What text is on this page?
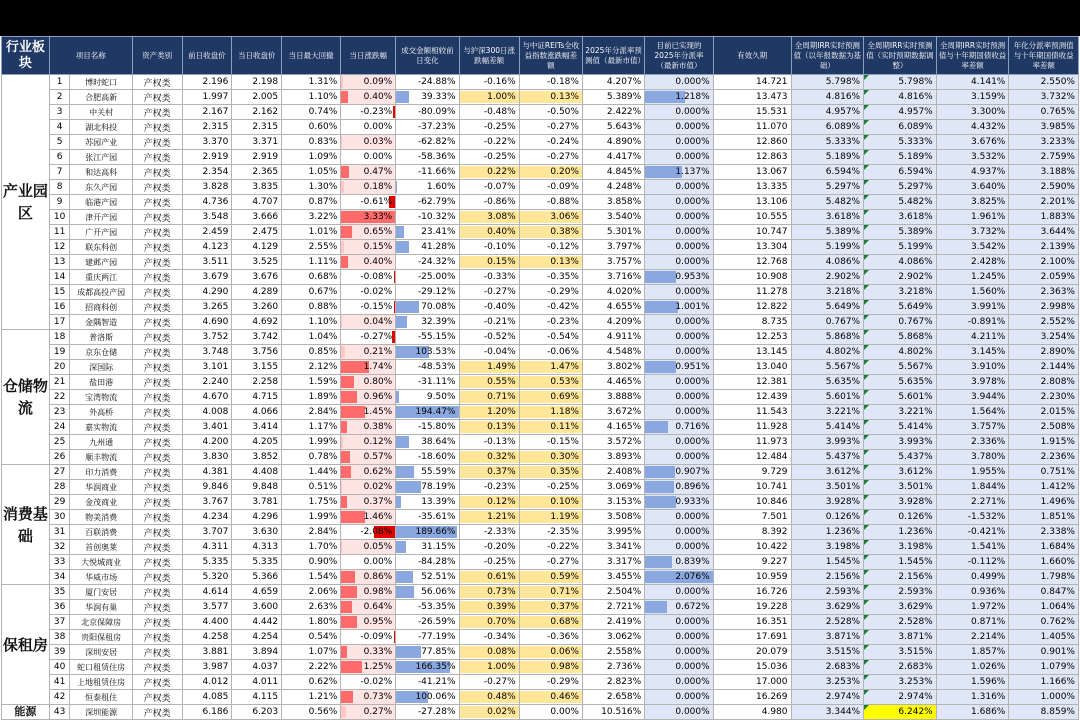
行业板块	项目名称		资产类别	前日收盘价	当日收盘价	当日最大回撤	当日涨跌幅	成交金额相较前日变化	与沪深300日涨跌幅差额	与中证REITs全收益指数涨跌幅差额	2025年分派率预测值（最新市值）	目前已实现的2025年分派率（最新市值）	有效久期	全周期IRR实时预测值（以年报数据为基础）	全周期IRR实时预测值（实时预期数据调整）	全周期IRR实时预测值与十年期国债收益率差额	年化分派率预测值与十年期国债收益率差额
产业园区	1	博时蛇口	产权类	2.196	2.198	1.31%	0.09%	-24.88%	-0.16%	-0.18%	4.207%	0.000%	14.721	5.798%	5.798%	4.141%	2.550%
	2	合肥高新	产权类	1.997	2.005	1.10%	0.40%	39.33%	1.00%	0.13%	5.389%	1.218%	13.473	4.816%	4.816%	3.159%	3.732%
	3	中关村	产权类	2.167	2.162	0.74%	-0.23%	-80.09%	-0.48%	-0.50%	2.422%	0.000%	15.531	4.957%	4.957%	3.300%	0.765%
	4	湖北科投	产权类	2.315	2.315	0.60%	0.00%	-37.23%	-0.25%	-0.27%	5.643%	0.000%	11.070	6.089%	6.089%	4.432%	3.985%
	5	苏园产业	产权类	3.370	3.371	0.83%	0.03%	-62.82%	-0.22%	-0.24%	4.890%	0.000%	12.860	5.333%	5.333%	3.676%	3.233%
	6	张江产园	产权类	2.919	2.919	1.09%	0.00%	-58.36%	-0.25%	-0.27%	4.417%	0.000%	12.863	5.189%	5.189%	3.532%	2.759%
	7	和达高科	产权类	2.354	2.365	1.05%	0.47%	-11.66%	0.22%	0.20%	4.845%	1.137%	13.067	6.594%	6.594%	4.937%	3.188%
	8	东久产园	产权类	3.828	3.835	1.30%	0.18%	1.60%	-0.07%	-0.09%	4.248%	0.000%	13.335	5.297%	5.297%	3.640%	2.590%
	9	临港产园	产权类	4.736	4.707	0.87%	-0.61%	-62.79%	-0.86%	-0.88%	3.858%	0.000%	13.106	5.482%	5.482%	3.825%	2.201%
	10	津开产园	产权类	3.548	3.666	3.22%	3.33%	-10.32%	3.08%	3.06%	3.540%	0.000%	10.555	3.618%	3.618%	1.961%	1.883%
	11	广开产园	产权类	2.459	2.475	1.01%	0.65%	23.41%	0.40%	0.38%	5.301%	0.000%	10.747	5.389%	5.389%	3.732%	3.644%
	12	联东科创	产权类	4.123	4.129	2.55%	0.15%	41.28%	-0.10%	-0.12%	3.797%	0.000%	13.304	5.199%	5.199%	3.542%	2.139%
	13	建邺产园	产权类	3.511	3.525	1.11%	0.40%	-24.32%	0.15%	0.13%	3.757%	0.000%	12.768	4.086%	4.086%	2.428%	2.100%
	14	重庆两江	产权类	3.679	3.676	0.68%	-0.08%	-25.00%	-0.33%	-0.35%	3.716%	0.953%	10.908	2.902%	2.902%	1.245%	2.059%
	15	成都高投产园	产权类	4.290	4.289	0.67%	-0.02%	-29.12%	-0.27%	-0.29%	4.020%	0.000%	11.278	3.218%	3.218%	1.560%	2.363%
	16	招商科创	产权类	3.265	3.260	0.88%	-0.15%	70.08%	-0.40%	-0.42%	4.655%	1.001%	12.822	5.649%	5.649%	3.991%	2.998%
	17	金隅智造	产权类	4.690	4.692	1.10%	0.04%	32.39%	-0.21%	-0.23%	4.209%	0.000%	8.735	0.767%	0.767%	-0.891%	2.552%
仓储物流	18	普洛斯	产权类	3.752	3.742	1.04%	-0.27%	-55.15%	-0.52%	-0.54%	4.911%	0.000%	12.253	5.868%	5.868%	4.211%	3.254%
	19	京东仓储	产权类	3.748	3.756	0.85%	0.21%	103.53%	-0.04%	-0.06%	4.548%	0.000%	13.145	4.802%	4.802%	3.145%	2.890%
	20	深国际	产权类	3.101	3.155	2.12%	1.74%	-48.53%	1.49%	1.47%	3.802%	0.951%	13.040	5.567%	5.567%	3.910%	2.144%
	21	盐田港	产权类	2.240	2.258	1.59%	0.80%	-31.11%	0.55%	0.53%	4.465%	0.000%	12.381	5.635%	5.635%	3.978%	2.808%
	22	宝湾物流	产权类	4.670	4.715	1.89%	0.96%	9.50%	0.71%	0.69%	3.888%	0.000%	12.439	5.601%	5.601%	3.944%	2.230%
	23	外高桥	产权类	4.008	4.066	2.84%	1.45%	194.47%	1.20%	1.18%	3.672%	0.000%	11.543	3.221%	3.221%	1.564%	2.015%
	24	嘉实物流	产权类	3.401	3.414	1.17%	0.38%	-15.80%	0.13%	0.11%	4.165%	0.716%	11.928	5.414%	5.414%	3.757%	2.508%
	25	九州通	产权类	4.200	4.205	1.99%	0.12%	38.64%	-0.13%	-0.15%	3.572%	0.000%	11.973	3.993%	3.993%	2.336%	1.915%
	26	顺丰物流	产权类	3.830	3.852	0.78%	0.57%	-18.60%	0.32%	0.30%	3.893%	0.000%	12.484	5.437%	5.437%	3.780%	2.236%
消费基础	27	印力消费	产权类	4.381	4.408	1.44%	0.62%	55.59%	0.37%	0.35%	2.408%	0.907%	9.729	3.612%	3.612%	1.955%	0.751%
	28	华润商业	产权类	9.846	9.848	0.51%	0.02%	78.19%	-0.23%	-0.25%	3.069%	0.896%	10.741	3.501%	3.501%	1.844%	1.412%
	29	金茂商业	产权类	3.767	3.781	1.75%	0.37%	13.39%	0.12%	0.10%	3.153%	0.933%	10.846	3.928%	3.928%	2.271%	1.496%
	30	物美消费	产权类	4.234	4.296	1.99%	1.46%	-35.61%	1.21%	1.19%	3.508%	0.000%	7.501	0.126%	0.126%	-1.532%	1.851%
	31	百联消费	产权类	3.707	3.630	2.84%	-2.08%	189.66%	-2.33%	-2.35%	3.995%	0.000%	8.392	1.236%	1.236%	-0.421%	2.338%
	32	首创奥莱	产权类	4.311	4.313	1.70%	0.05%	31.15%	-0.20%	-0.22%	3.341%	0.000%	10.422	3.198%	3.198%	1.541%	1.684%
	33	大悦城商业	产权类	5.335	5.335	0.90%	0.00%	-84.28%	-0.25%	-0.27%	3.317%	0.839%	9.227	1.545%	1.545%	-0.112%	1.660%
	34	华威市场	产权类	5.320	5.366	1.54%	0.86%	52.51%	0.61%	0.59%	3.455%	2.076%	10.959	2.156%	2.156%	0.499%	1.798%
保租房	35	厦门安居	产权类	4.614	4.659	2.06%	0.98%	56.06%	0.73%	0.71%	2.504%	0.000%	16.726	2.593%	2.593%	0.936%	0.847%
	36	华润有巢	产权类	3.577	3.600	2.63%	0.64%	-53.35%	0.39%	0.37%	2.721%	0.672%	19.228	3.629%	3.629%	1.972%	1.064%
	37	北京保障房	产权类	4.400	4.442	1.80%	0.95%	-26.59%	0.70%	0.68%	2.419%	0.000%	16.351	2.528%	2.528%	0.871%	0.762%
	38	贵阳保租房	产权类	4.258	4.254	0.54%	-0.09%	-77.19%	-0.34%	-0.36%	3.062%	0.000%	17.691	3.871%	3.871%	2.214%	1.405%
	39	深圳安居	产权类	3.881	3.894	1.07%	0.33%	77.85%	0.08%	0.06%	2.558%	0.000%	20.079	3.515%	3.515%	1.857%	0.901%
	40	蛇口租赁住房	产权类	3.987	4.037	2.22%	1.25%	166.35%	1.00%	0.98%	2.736%	0.000%	15.036	2.683%	2.683%	1.026%	1.079%
	41	上地租赁住房	产权类	4.012	4.011	0.62%	-0.02%	-41.21%	-0.27%	-0.29%	2.823%	0.000%	17.000	3.253%	3.253%	1.596%	1.166%
	42	恒泰租住	产权类	4.085	4.115	1.21%	0.73%	100.06%	0.48%	0.46%	2.658%	0.000%	16.269	2.974%	2.974%	1.316%	1.000%
能源	43	深圳能源	产权类	6.186	6.203	0.56%	0.27%	-27.28%	0.02%	0.00%	10.516%	0.000%	4.980	3.344%	6.242%	1.686%	8.859%
